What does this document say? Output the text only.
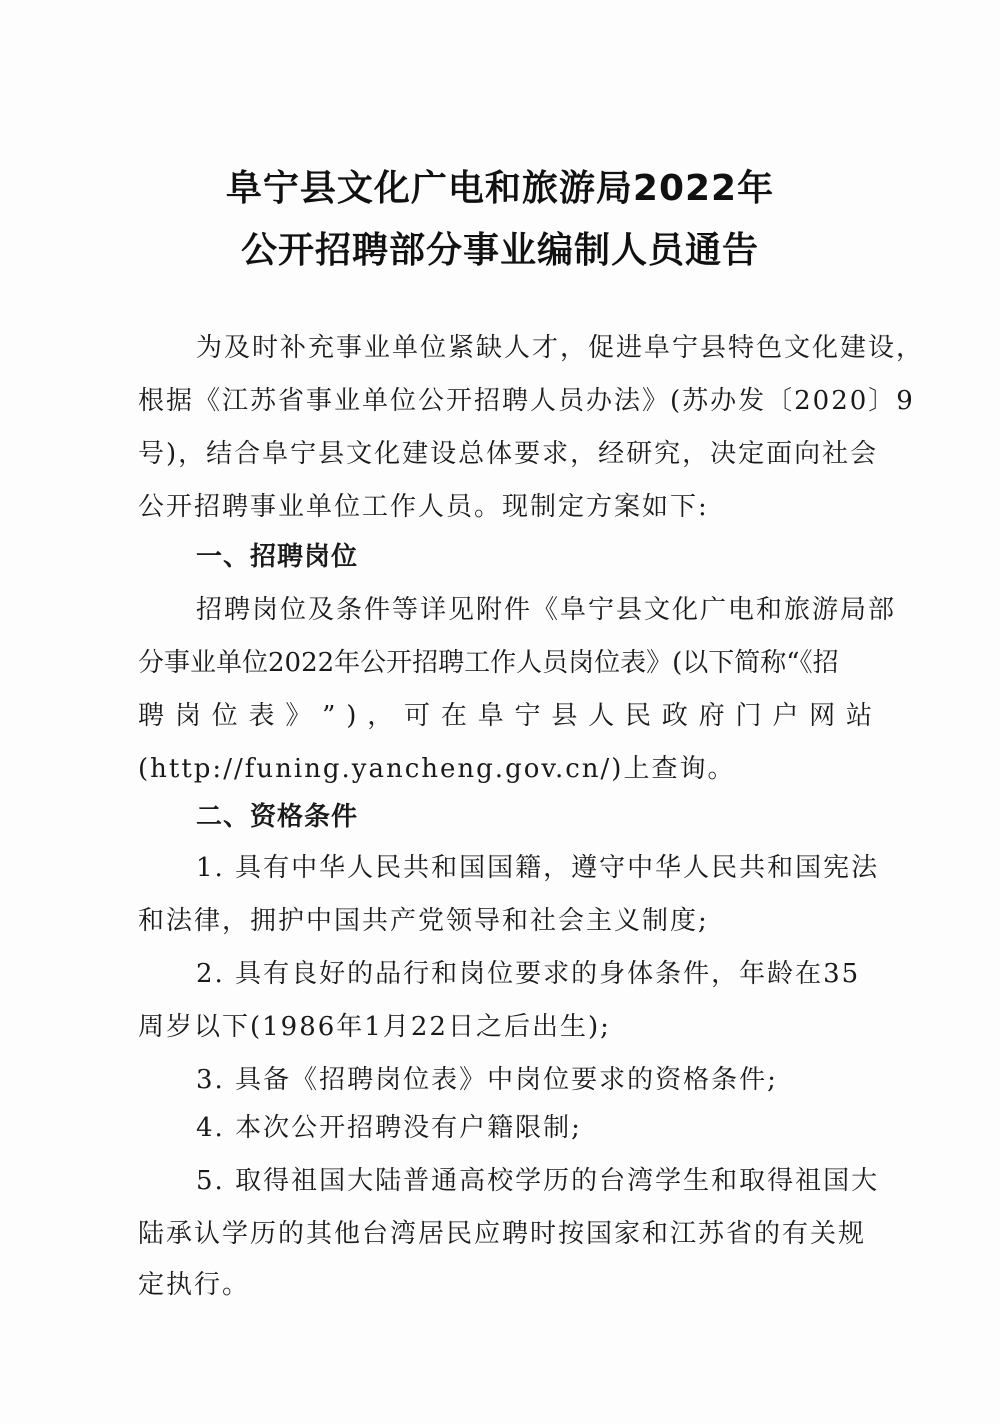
阜宁县文化广电和旅游局2022年
公开招聘部分事业编制人员通告
为及时补充事业单位紧缺人才，促进阜宁县特色文化建设，
根据《江苏省事业单位公开招聘人员办法》(苏办发〔2020〕9
号)，结合阜宁县文化建设总体要求，经研究，决定面向社会
公开招聘事业单位工作人员。现制定方案如下:
一、招聘岗位
招聘岗位及条件等详见附件《阜宁县文化广电和旅游局部
分事业单位2022年公开招聘工作人员岗位表》(以下简称“《招
聘 岗 位 表 》 ” ) ， 可 在 阜 宁 县 人 民 政 府 门 户 网 站
(http://funing.yancheng.gov.cn/)上查询。
二、资格条件
1. 具有中华人民共和国国籍，遵守中华人民共和国宪法
和法律，拥护中国共产党领导和社会主义制度;
2. 具有良好的品行和岗位要求的身体条件，年龄在35
周岁以下(1986年1月22日之后出生);
3. 具备《招聘岗位表》中岗位要求的资格条件;
4. 本次公开招聘没有户籍限制;
5. 取得祖国大陆普通高校学历的台湾学生和取得祖国大
陆承认学历的其他台湾居民应聘时按国家和江苏省的有关规
定执行。
